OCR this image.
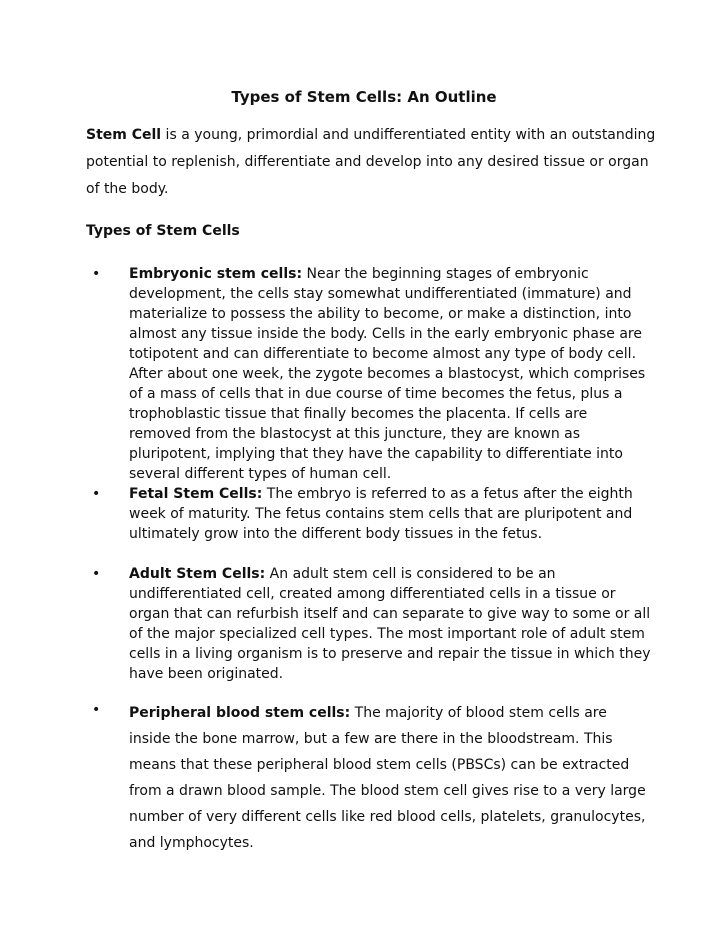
Types of Stem Cells: An Outline

Stem Cell is a young, primordial and undifferentiated entity with an outstanding potential to replenish, differentiate and develop into any desired tissue or organ of the body.

Types of Stem Cells
•	Embryonic stem cells: Near the beginning stages of embryonic development, the cells stay somewhat undifferentiated (immature) and materialize to possess the ability to become, or make a distinction, into almost any tissue inside the body. Cells in the early embryonic phase are totipotent and can differentiate to become almost any type of body cell. After about one week, the zygote becomes a blastocyst, which comprises of a mass of cells that in due course of time becomes the fetus, plus a trophoblastic tissue that finally becomes the placenta. If cells are removed from the blastocyst at this juncture, they are known as pluripotent, implying that they have the capability to differentiate into several different types of human cell.
•	Fetal Stem Cells: The embryo is referred to as a fetus after the eighth week of maturity. The fetus contains stem cells that are pluripotent and ultimately grow into the different body tissues in the fetus.
•	Adult Stem Cells: An adult stem cell is considered to be an undifferentiated cell, created among differentiated cells in a tissue or organ that can refurbish itself and can separate to give way to some or all of the major specialized cell types. The most important role of adult stem cells in a living organism is to preserve and repair the tissue in which they have been originated.
•	Peripheral blood stem cells: The majority of blood stem cells are inside the bone marrow, but a few are there in the bloodstream. This means that these peripheral blood stem cells (PBSCs) can be extracted from a drawn blood sample. The blood stem cell gives rise to a very large number of very different cells like red blood cells, platelets, granulocytes, and lymphocytes.
